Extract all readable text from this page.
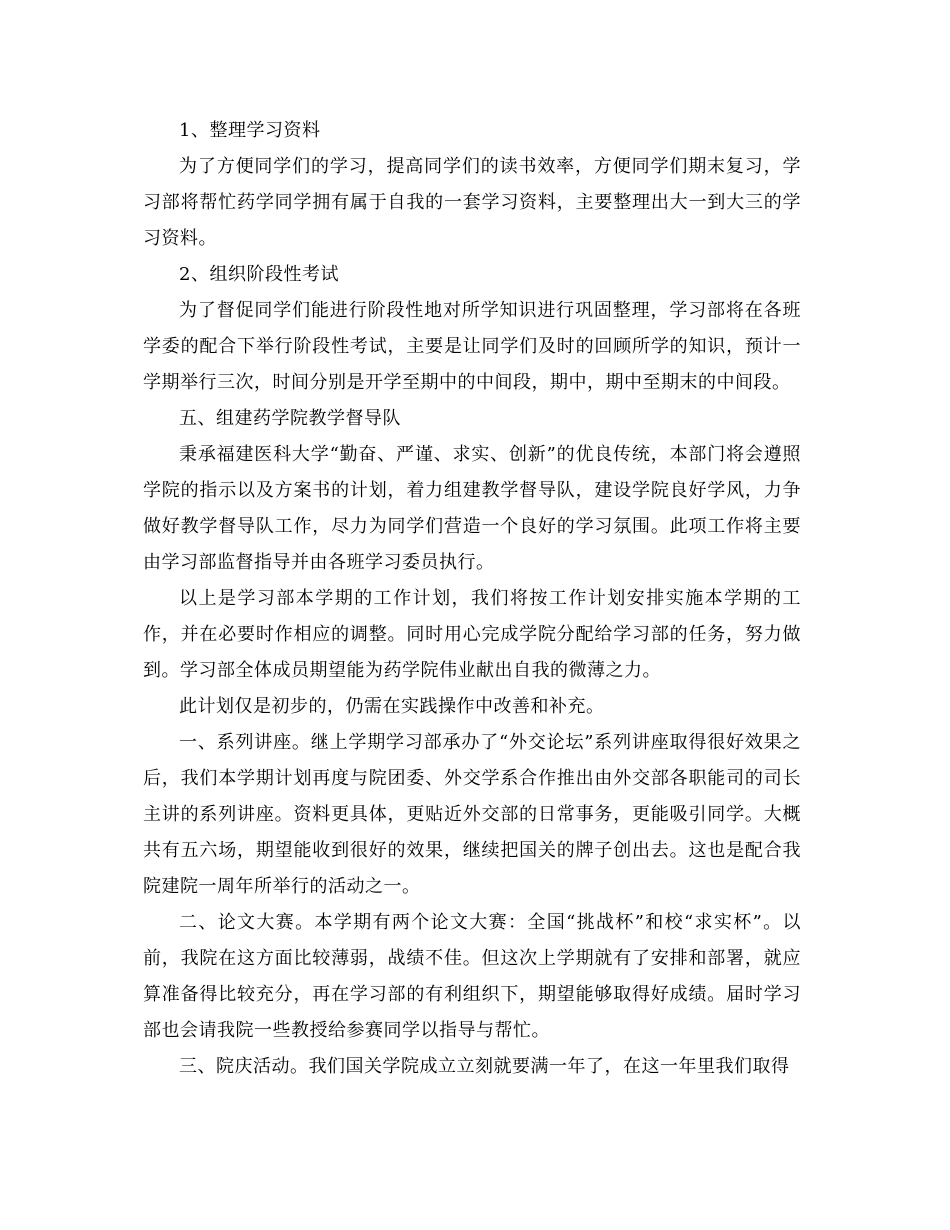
1、整理学习资料

为了方便同学们的学习，提高同学们的读书效率，方便同学们期末复习，学习部将帮忙药学同学拥有属于自我的一套学习资料，主要整理出大一到大三的学习资料。

2、组织阶段性考试

为了督促同学们能进行阶段性地对所学知识进行巩固整理，学习部将在各班学委的配合下举行阶段性考试，主要是让同学们及时的回顾所学的知识，预计一学期举行三次，时间分别是开学至期中的中间段，期中，期中至期末的中间段。

五、组建药学院教学督导队

秉承福建医科大学“勤奋、严谨、求实、创新”的优良传统，本部门将会遵照学院的指示以及方案书的计划，着力组建教学督导队，建设学院良好学风，力争做好教学督导队工作，尽力为同学们营造一个良好的学习氛围。此项工作将主要由学习部监督指导并由各班学习委员执行。

以上是学习部本学期的工作计划，我们将按工作计划安排实施本学期的工作，并在必要时作相应的调整。同时用心完成学院分配给学习部的任务，努力做到。学习部全体成员期望能为药学院伟业献出自我的微薄之力。

此计划仅是初步的，仍需在实践操作中改善和补充。

一、系列讲座。继上学期学习部承办了“外交论坛”系列讲座取得很好效果之后，我们本学期计划再度与院团委、外交学系合作推出由外交部各职能司的司长主讲的系列讲座。资料更具体，更贴近外交部的日常事务，更能吸引同学。大概共有五六场，期望能收到很好的效果，继续把国关的牌子创出去。这也是配合我院建院一周年所举行的活动之一。

二、论文大赛。本学期有两个论文大赛：全国“挑战杯”和校“求实杯”。以前，我院在这方面比较薄弱，战绩不佳。但这次上学期就有了安排和部署，就应算准备得比较充分，再在学习部的有利组织下，期望能够取得好成绩。届时学习部也会请我院一些教授给参赛同学以指导与帮忙。

三、院庆活动。我们国关学院成立立刻就要满一年了，在这一年里我们取得
